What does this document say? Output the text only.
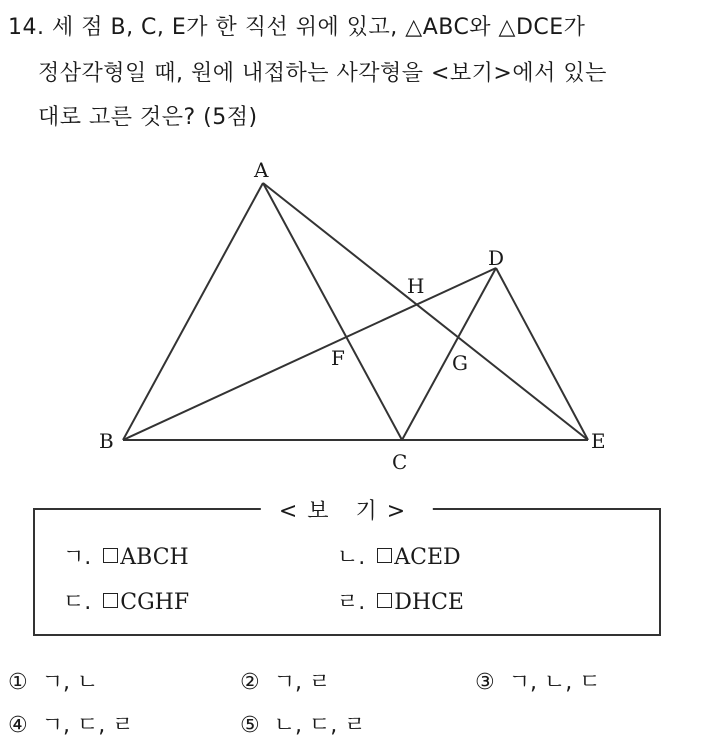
14. 세 점 B, C, E가 한 직선 위에 있고, △ABC와 △DCE가
정삼각형일 때, 원에 내접하는 사각형을 <보기>에서 있는
대로 고른 것은? (5점)
A
B
C
D
E
F	G
H
<보 기>
ㄱ. ABCH	ㄴ. ACED
ㄷ. CGHF	ㄹ. DHCE
① ㄱ, ㄴ	② ㄱ, ㄹ	③ ㄱ, ㄴ, ㄷ
④ ㄱ, ㄷ, ㄹ	⑤ ㄴ, ㄷ, ㄹ
